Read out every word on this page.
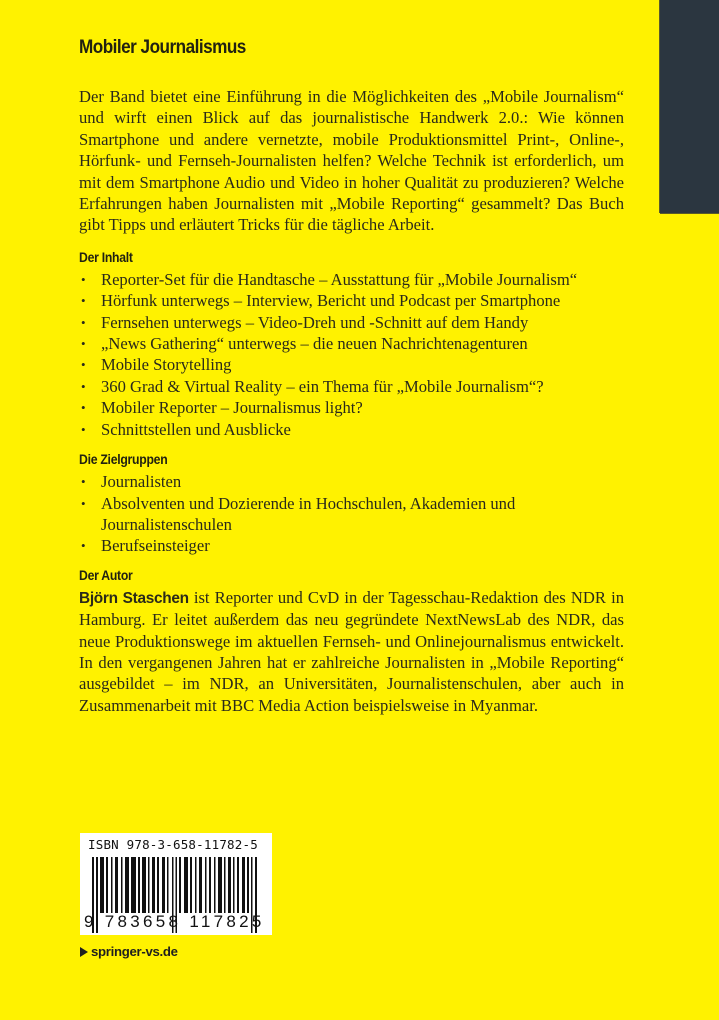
Mobiler Journalismus

Der Band bietet eine Einführung in die Möglichkeiten des „Mobile Journalism“ und wirft einen Blick auf das journalistische Handwerk 2.0.: Wie können Smartphone und andere vernetzte, mobile Produktionsmittel Print-, Online-, Hörfunk- und Fernseh-Journalisten helfen? Welche Technik ist erforderlich, um mit dem Smartphone Audio und Video in hoher Qualität zu produzieren? Welche Erfahrungen haben Journalisten mit „Mobile Reporting“ gesammelt? Das Buch gibt Tipps und erläutert Tricks für die tägliche Arbeit.

Der Inhalt
• Reporter-Set für die Handtasche – Ausstattung für „Mobile Journalism“
• Hörfunk unterwegs – Interview, Bericht und Podcast per Smartphone
• Fernsehen unterwegs – Video-Dreh und -Schnitt auf dem Handy
• „News Gathering“ unterwegs – die neuen Nachrichtenagenturen
• Mobile Storytelling
• 360 Grad & Virtual Reality – ein Thema für „Mobile Journalism“?
• Mobiler Reporter – Journalismus light?
• Schnittstellen und Ausblicke
Die Zielgruppen
• Journalisten
• Absolventen und Dozierende in Hochschulen, Akademien und Journalistenschulen
• Berufseinsteiger
Der Autor

Björn Staschen ist Reporter und CvD in der Tagesschau-Redaktion des NDR in Hamburg. Er leitet außerdem das neu gegründete NextNewsLab des NDR, das neue Produktionswege im aktuellen Fernseh- und Onlinejournalismus entwickelt. In den vergangenen Jahren hat er zahlreiche Journalisten in „Mobile Reporting“ ausgebildet – im NDR, an Universitäten, Journalistenschulen, aber auch in Zusammenarbeit mit BBC Media Action beispielsweise in Myanmar.

ISBN 978-3-658-11782-5
9 783658 117825
springer-vs.de
